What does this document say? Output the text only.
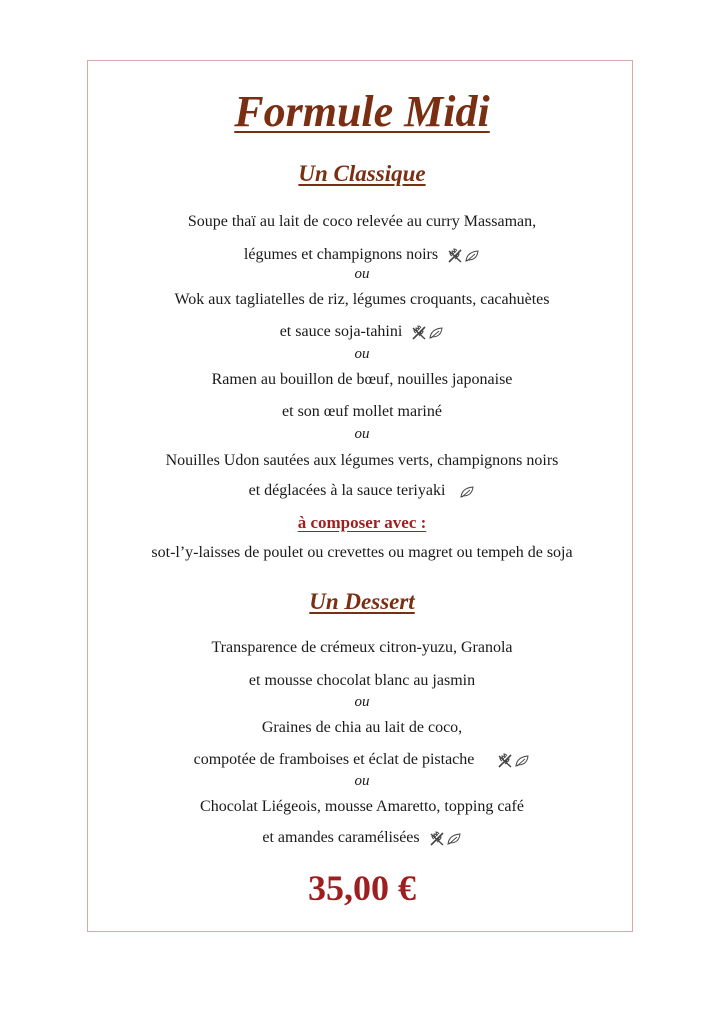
Formule Midi
Un Classique
Soupe thaï au lait de coco relevée au curry Massaman,
légumes et champignons noirs
ou
Wok aux tagliatelles de riz, légumes croquants, cacahuètes
et sauce soja-tahini
ou
Ramen au bouillon de bœuf, nouilles japonaise
et son œuf mollet mariné
ou
Nouilles Udon sautées aux légumes verts, champignons noirs
et déglacées à la sauce teriyaki
à composer avec :
sot-l’y-laisses de poulet ou crevettes ou magret ou tempeh de soja
Un Dessert
Transparence de crémeux citron-yuzu, Granola
et mousse chocolat blanc au jasmin
ou
Graines de chia au lait de coco,
compotée de framboises et éclat de pistache
ou
Chocolat Liégeois, mousse Amaretto, topping café
et amandes caramélisées
35,00 €
